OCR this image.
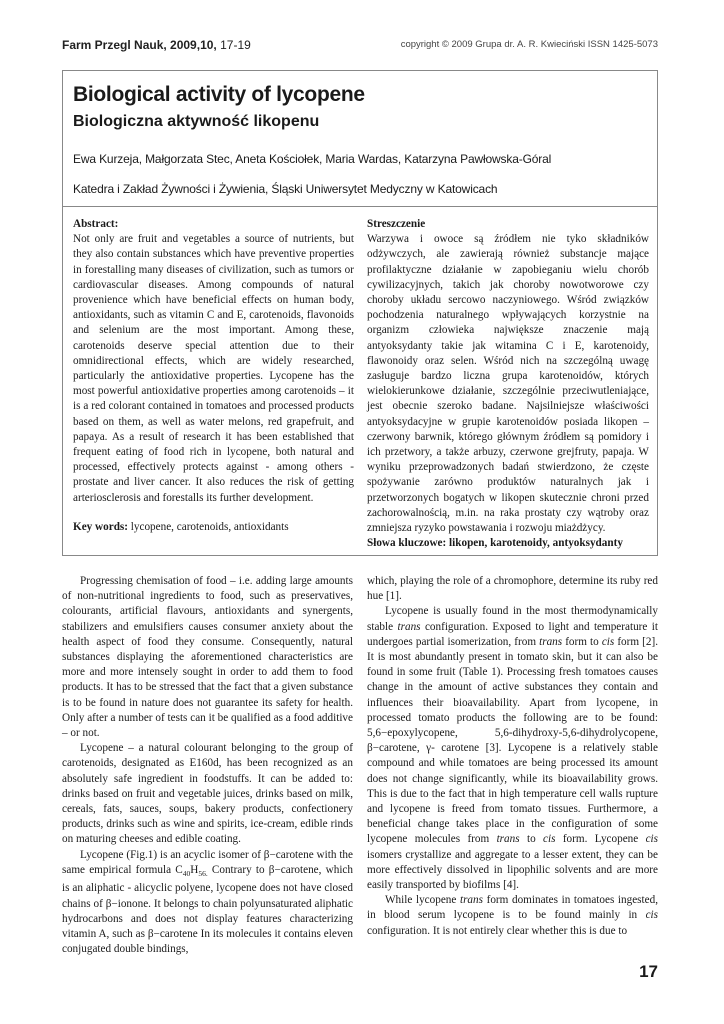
Farm Przegl Nauk, 2009,10, 17-19	copyright © 2009 Grupa dr. A. R. Kwieciński ISSN 1425-5073
Biological activity of lycopene
Biologiczna aktywność likopenu
Ewa Kurzeja, Małgorzata Stec, Aneta Kościołek, Maria Wardas, Katarzyna Pawłowska-Góral
Katedra i Zakład Żywności i Żywienia, Śląski Uniwersytet Medyczny w Katowicach
Abstract:
Not only are fruit and vegetables a source of nutrients, but they also contain substances which have preventive properties in forestalling many diseases of civilization, such as tumors or cardiovascular diseases. Among compounds of natural provenience which have beneficial effects on human body, antioxidants, such as vitamin C and E, carotenoids, flavonoids and selenium are the most important. Among these, carotenoids deserve special attention due to their omnidirectional effects, which are widely researched, particularly the antioxidative properties. Lycopene has the most powerful antioxidative properties among carotenoids – it is a red colorant contained in tomatoes and processed products based on them, as well as water melons, red grapefruit, and papaya. As a result of research it has been established that frequent eating of food rich in lycopene, both natural and processed, effectively protects against - among others - prostate and liver cancer. It also reduces the risk of getting arteriosclerosis and forestalls its further development.
Key words: lycopene, carotenoids, antioxidants
Streszczenie
Warzywa i owoce są źródłem nie tyko składników odżywczych, ale zawierają również substancje mające profilaktyczne działanie w zapobieganiu wielu chorób cywilizacyjnych, takich jak choroby nowotworowe czy choroby układu sercowo naczyniowego. Wśród związków pochodzenia naturalnego wpływających korzystnie na organizm człowieka największe znaczenie mają antyoksydanty takie jak witamina C i E, karotenoidy, flawonoidy oraz selen. Wśród nich na szczególną uwagę zasługuje bardzo liczna grupa karotenoidów, których wielokierunkowe działanie, szczególnie przeciwutleniające, jest obecnie szeroko badane. Najsilniejsze właściwości antyoksydacyjne w grupie karotenoidów posiada likopen – czerwony barwnik, którego głównym źródłem są pomidory i ich przetwory, a także arbuzy, czerwone grejfruty, papaja. W wyniku przeprowadzonych badań stwierdzono, że częste spożywanie zarówno produktów naturalnych jak i przetworzonych bogatych w likopen skutecznie chroni przed zachorowalnością, m.in. na raka prostaty czy wątroby oraz zmniejsza ryzyko powstawania i rozwoju miażdżycy.
Słowa kluczowe: likopen, karotenoidy, antyoksydanty

Progressing chemisation of food – i.e. adding large amounts of non-nutritional ingredients to food, such as preservatives, colourants, artificial flavours, antioxidants and synergents, stabilizers and emulsifiers causes consumer anxiety about the health aspect of food they consume. Consequently, natural substances displaying the aforementioned characteristics are more and more intensely sought in order to add them to food products. It has to be stressed that the fact that a given substance is to be found in nature does not guarantee its safety for health. Only after a number of tests can it be qualified as a food additive – or not.

Lycopene – a natural colourant belonging to the group of carotenoids, designated as E160d, has been recognized as an absolutely safe ingredient in foodstuffs. It can be added to: drinks based on fruit and vegetable juices, drinks based on milk, cereals, fats, sauces, soups, bakery products, confectionery products, drinks such as wine and spirits, ice-cream, edible rinds on maturing cheeses and edible coating.

Lycopene (Fig.1) is an acyclic isomer of β−carotene with the same empirical formula $C_{40}H_{56.}$ Contrary to β−carotene, which is an aliphatic - alicyclic polyene, lycopene does not have closed chains of β−ionone. It belongs to chain polyunsaturated aliphatic hydrocarbons and does not display features characterizing vitamin A, such as β−carotene In its molecules it contains eleven conjugated double bindings,

which, playing the role of a chromophore, determine its ruby red hue [1].

Lycopene is usually found in the most thermodynamically stable trans configuration. Exposed to light and temperature it undergoes partial isomerization, from trans form to cis form [2]. It is most abundantly present in tomato skin, but it can also be found in some fruit (Table 1). Processing fresh tomatoes causes change in the amount of active substances they contain and influences their bioavailability. Apart from lycopene, in processed tomato products the following are to be found: 5,6−epoxylycopene, 5,6-dihydroxy-5,6-dihydrolycopene, β−carotene, γ- carotene [3]. Lycopene is a relatively stable compound and while tomatoes are being processed its amount does not change significantly, while its bioavailability grows. This is due to the fact that in high temperature cell walls rupture and lycopene is freed from tomato tissues. Furthermore, a beneficial change takes place in the configuration of some lycopene molecules from trans to cis form. Lycopene cis isomers crystallize and aggregate to a lesser extent, they can be more effectively dissolved in lipophilic solvents and are more easily transported by biofilms [4].

While lycopene trans form dominates in tomatoes ingested, in blood serum lycopene is to be found mainly in cis configuration. It is not entirely clear whether this is due to

17
